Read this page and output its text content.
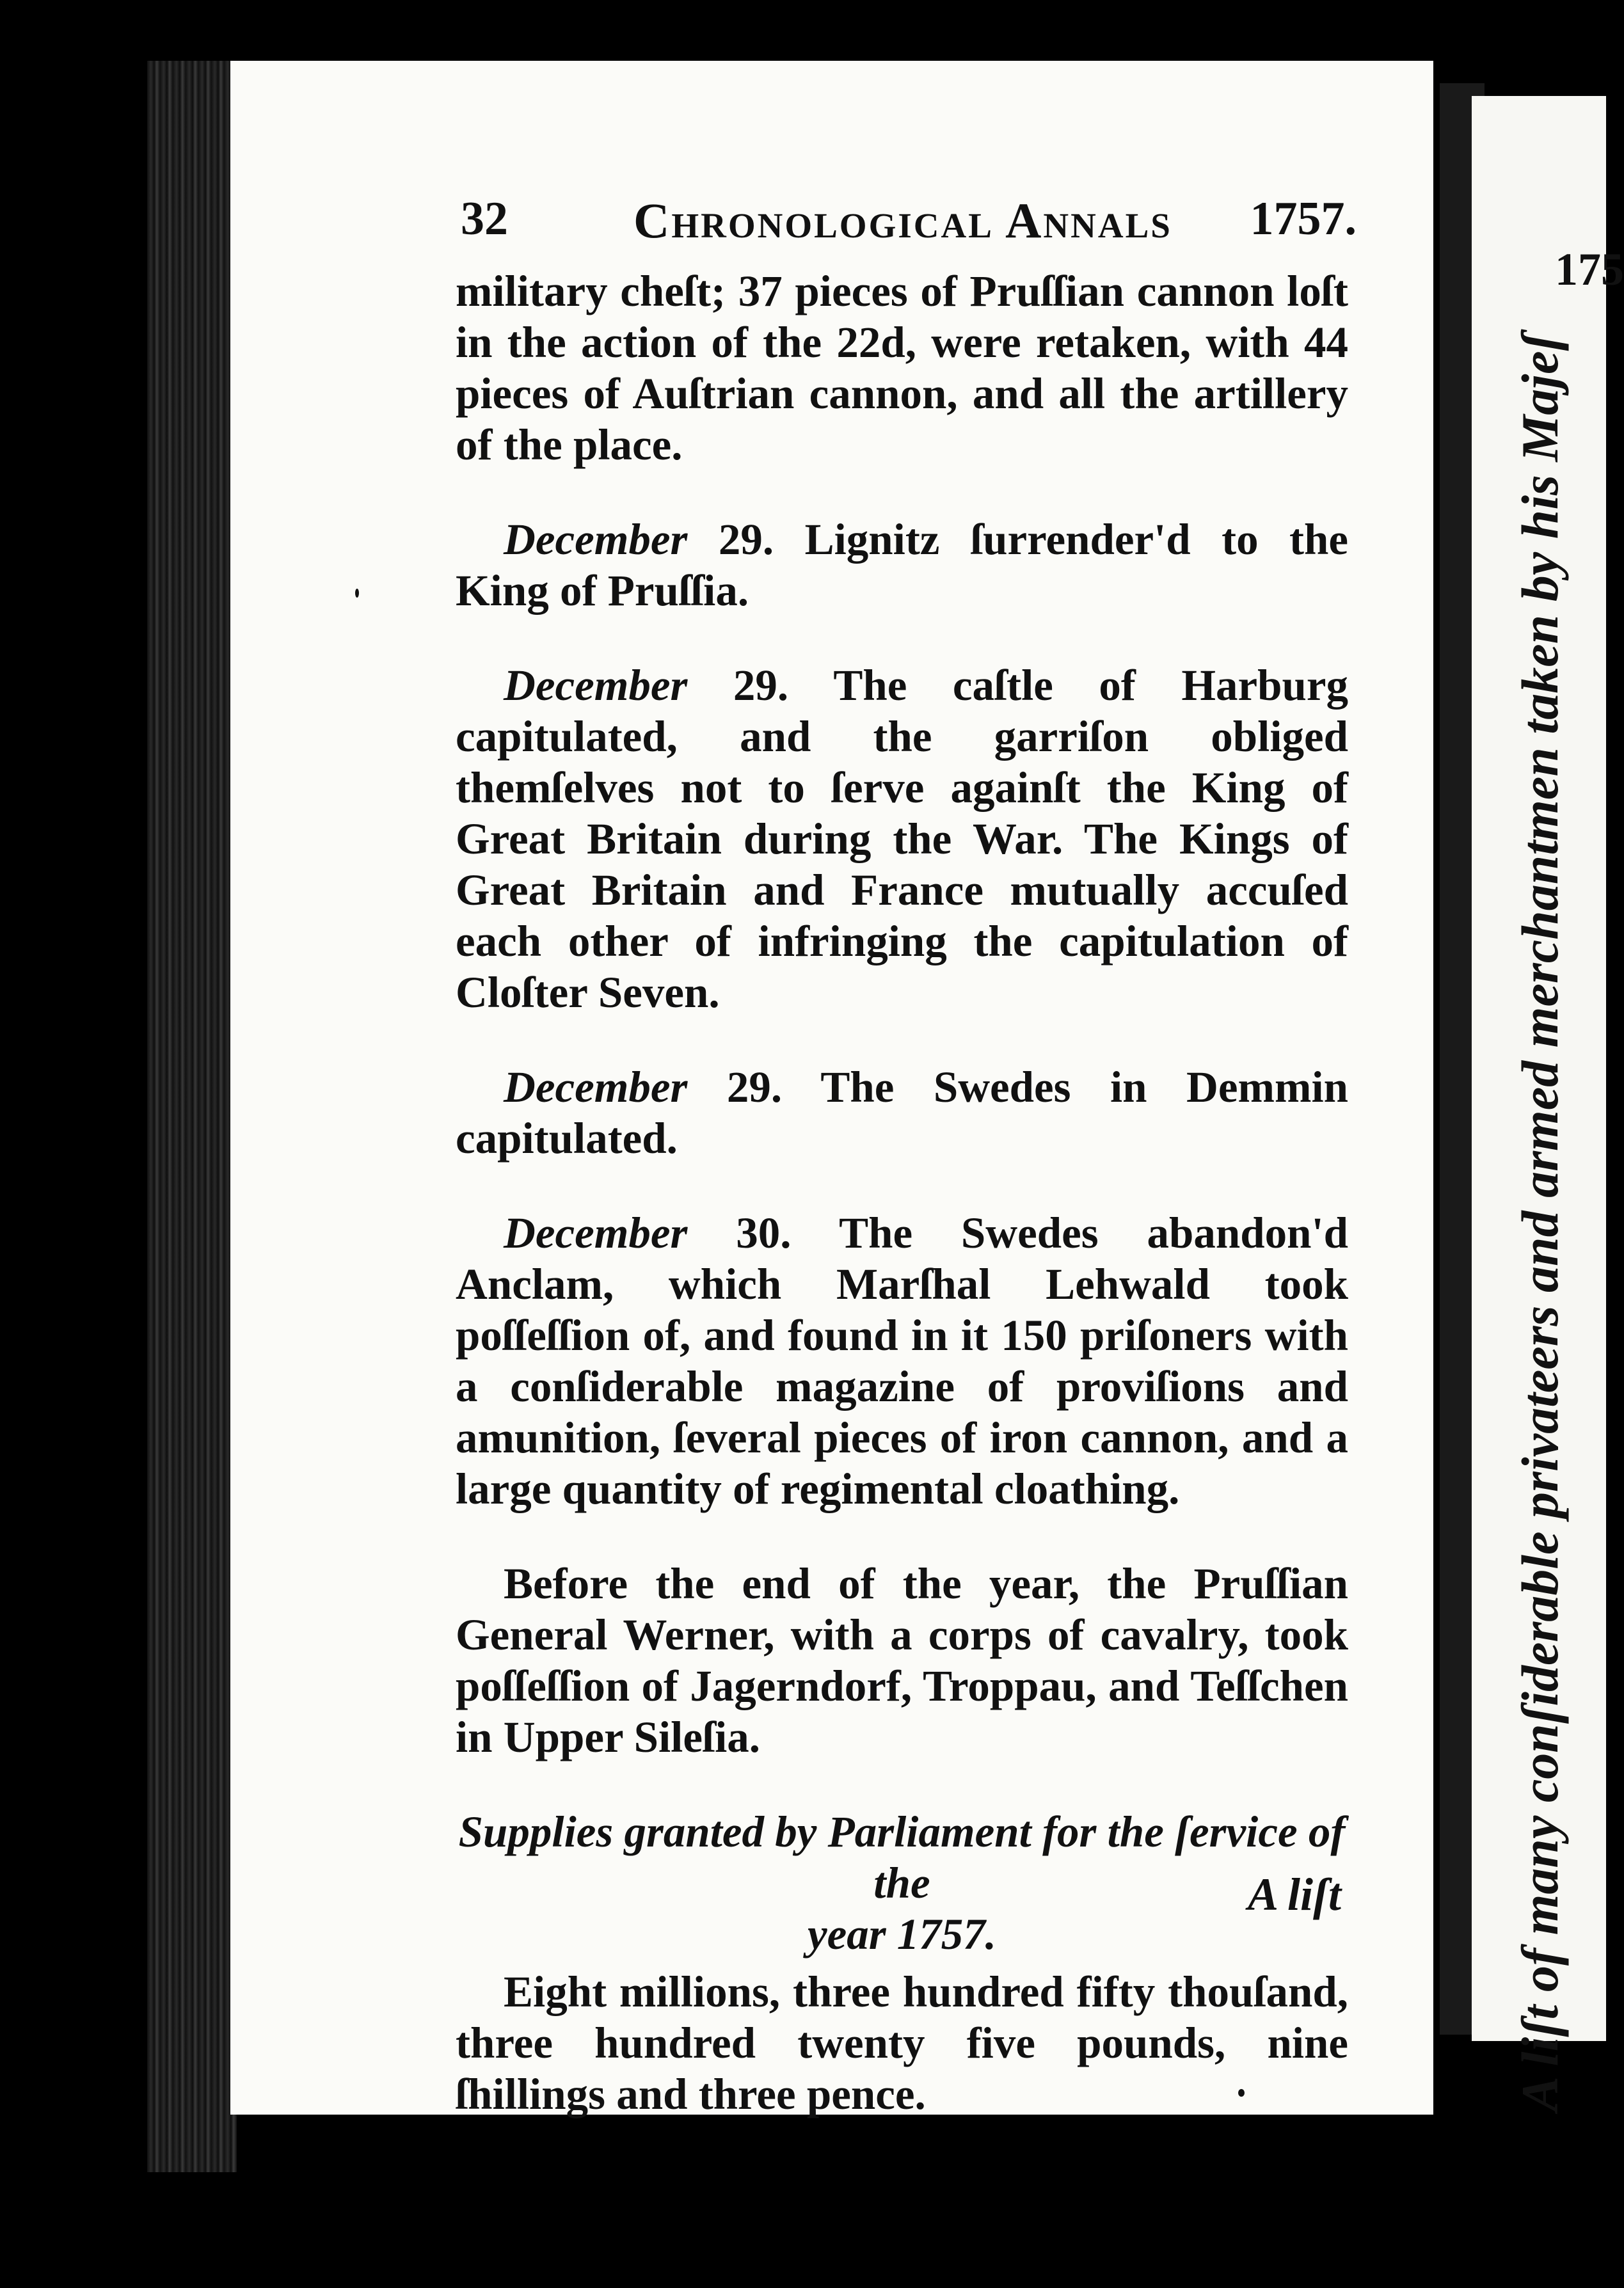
175
A liſt of many conſiderable privateers and armed merchantmen taken by his Majeſ
32	Chronological Annals 1757.

military cheſt; 37 pieces of Pruſſian cannon loſt in the action of the 22d, were retaken, with 44 pieces of Auſtrian cannon, and all the artillery of the place.

December 29. Lignitz ſurrender'd to the King of Pruſſia.

December 29. The caſtle of Harburg capitulated, and the garriſon obliged themſelves not to ſerve againſt the King of Great Britain during the War. The Kings of Great Britain and France mutually accuſed each other of infringing the capitulation of Cloſter Seven.

December 29. The Swedes in Demmin capitulated.

December 30. The Swedes abandon'd Anclam, which Marſhal Lehwald took poſſeſſion of, and found in it 150 priſoners with a conſiderable magazine of proviſions and amunition, ſeveral pieces of iron cannon, and a large quantity of regimental cloathing.

Before the end of the year, the Pruſſian General Werner, with a corps of cavalry, took poſſeſſion of Jagerndorf, Troppau, and Teſſchen in Upper Sileſia.

Supplies granted by Parliament for the ſervice of the
year 1757.

Eight millions, three hundred fifty thouſand, three hundred twenty five pounds, nine ſhillings and three pence.

A liſt
